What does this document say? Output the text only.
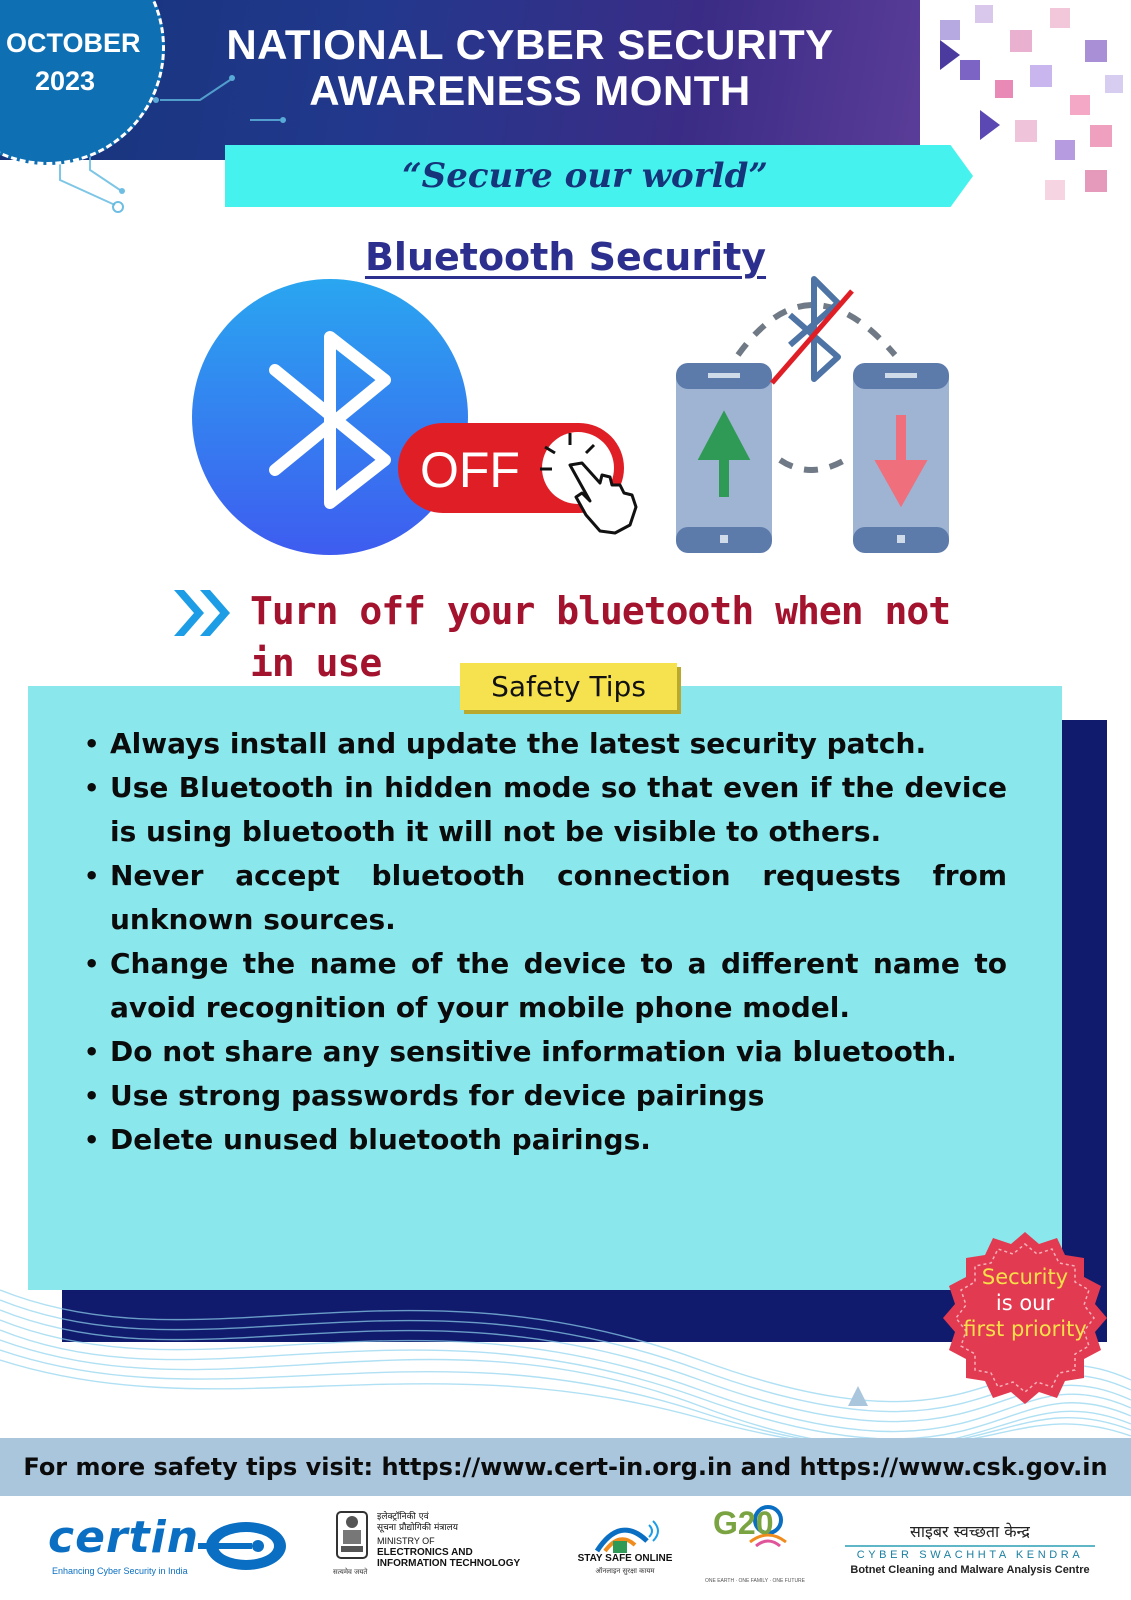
OCTOBER
2023
NATIONAL CYBER SECURITY
AWARENESS MONTH
“Secure our world”
Bluetooth Security
OFF
Turn off your bluetooth when not in use
Safety Tips
• Always install and update the latest security patch.
• Use Bluetooth in hidden mode so that even if the device is using bluetooth it will not be visible to others.
• Never accept bluetooth connection requests from unknown sources.
• Change the name of the device to a different name to avoid recognition of your mobile phone model.
• Do not share any sensitive information via bluetooth.
• Use strong passwords for device pairings
• Delete unused bluetooth pairings.
Security
is our
first priority
For more safety tips visit: https://www.cert-in.org.in and https://www.csk.gov.in
certin
Enhancing Cyber Security in India
इलेक्ट्रॉनिकी एवं
सूचना प्रौद्योगिकी मंत्रालय
MINISTRY OF
ELECTRONICS AND
INFORMATION TECHNOLOGY
सत्यमेव जयते
STAY SAFE ONLINE
ऑनलाइन सुरक्षा कायम
G20
ONE EARTH · ONE FAMILY · ONE FUTURE
साइबर स्वच्छता केन्द्र
CYBER SWACHHTA KENDRA
Botnet Cleaning and Malware Analysis Centre
